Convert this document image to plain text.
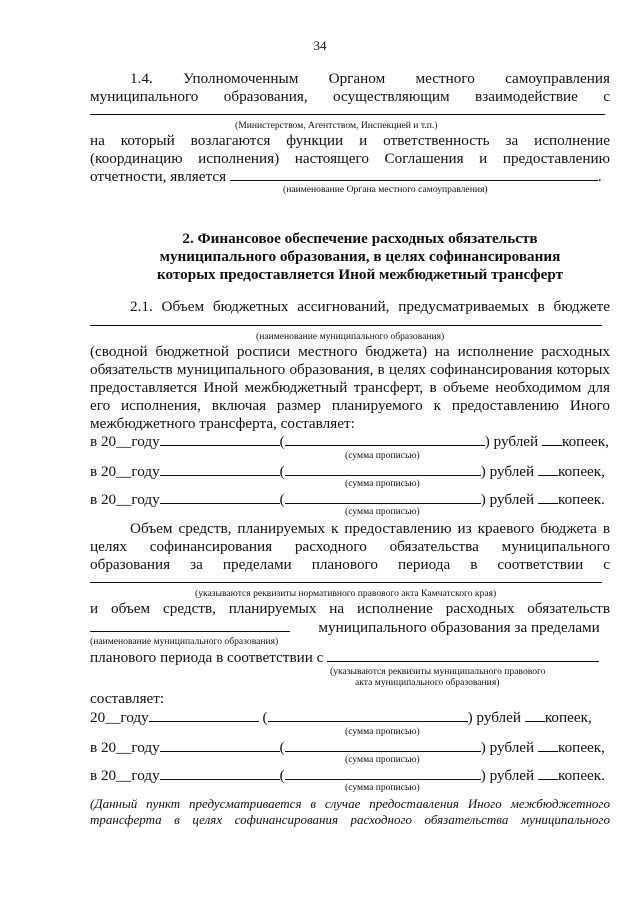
34
1.4. Уполномоченным Органом местного самоуправления
муниципального образования, осуществляющим взаимодействие с
(Министерством, Агентством, Инспекцией и т.п.)
на который возлагаются функции и ответственность за исполнение
(координацию исполнения) настоящего Соглашения и предоставлению
отчетности, является	.
(наименование Органа местного самоуправления)
2. Финансовое обеспечение расходных обязательств
муниципального образования, в целях софинансирования
которых предоставляется Иной межбюджетный трансферт
2.1. Объем бюджетных ассигнований, предусматриваемых в бюджете
(наименование муниципального образования)
(сводной бюджетной росписи местного бюджета) на исполнение расходных
обязательств муниципального образования, в целях софинансирования которых
предоставляется Иной межбюджетный трансферт, в объеме необходимом для
его исполнения, включая размер планируемого к предоставлению Иного
межбюджетного трансферта, составляет:
в 20__году	(	) рублей копеек,
(сумма прописью)
в 20__году	(	) рублей копеек,
(сумма прописью)
в 20__году	(	) рублей копеек.
(сумма прописью)
Объем средств, планируемых к предоставлению из краевого бюджета в
целях софинансирования расходного обязательства муниципального
образования за пределами планового периода в соответствии с
(указываются реквизиты нормативного правового акта Камчатского края)
и объем средств, планируемых на исполнение расходных обязательств
муниципального образования за пределами
(наименование муниципального образования)
планового периода в соответствии с
(указываются реквизиты муниципального правового
акта муниципального образования)
составляет:
20__году	(	) рублей копеек,
(сумма прописью)
в 20__году	(	) рублей копеек,
(сумма прописью)
в 20__году	(	) рублей копеек.
(сумма прописью)
(Данный пункт предусматривается в случае предоставления Иного межбюджетного
трансферта в целях софинансирования расходного обязательства муниципального
